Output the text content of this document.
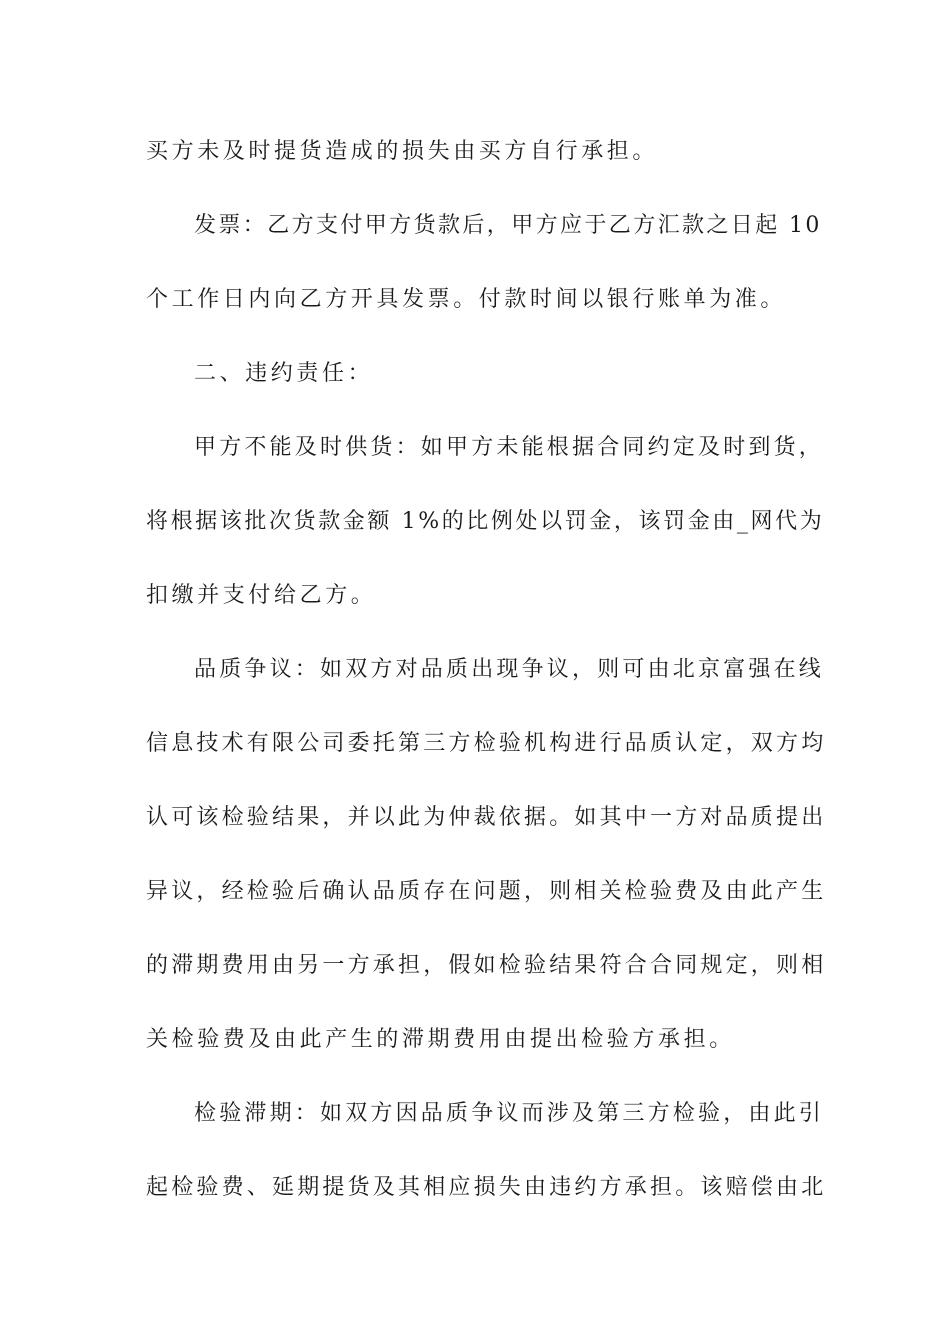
买方未及时提货造成的损失由买方自行承担。
发票：乙方支付甲方货款后，甲方应于乙方汇款之日起 10
个工作日内向乙方开具发票。付款时间以银行账单为准。
二、违约责任：
甲方不能及时供货：如甲方未能根据合同约定及时到货，
将根据该批次货款金额 1%的比例处以罚金，该罚金由_网代为
扣缴并支付给乙方。
品质争议：如双方对品质出现争议，则可由北京富强在线
信息技术有限公司委托第三方检验机构进行品质认定，双方均
认可该检验结果，并以此为仲裁依据。如其中一方对品质提出
异议，经检验后确认品质存在问题，则相关检验费及由此产生
的滞期费用由另一方承担，假如检验结果符合合同规定，则相
关检验费及由此产生的滞期费用由提出检验方承担。
检验滞期：如双方因品质争议而涉及第三方检验，由此引
起检验费、延期提货及其相应损失由违约方承担。该赔偿由北
